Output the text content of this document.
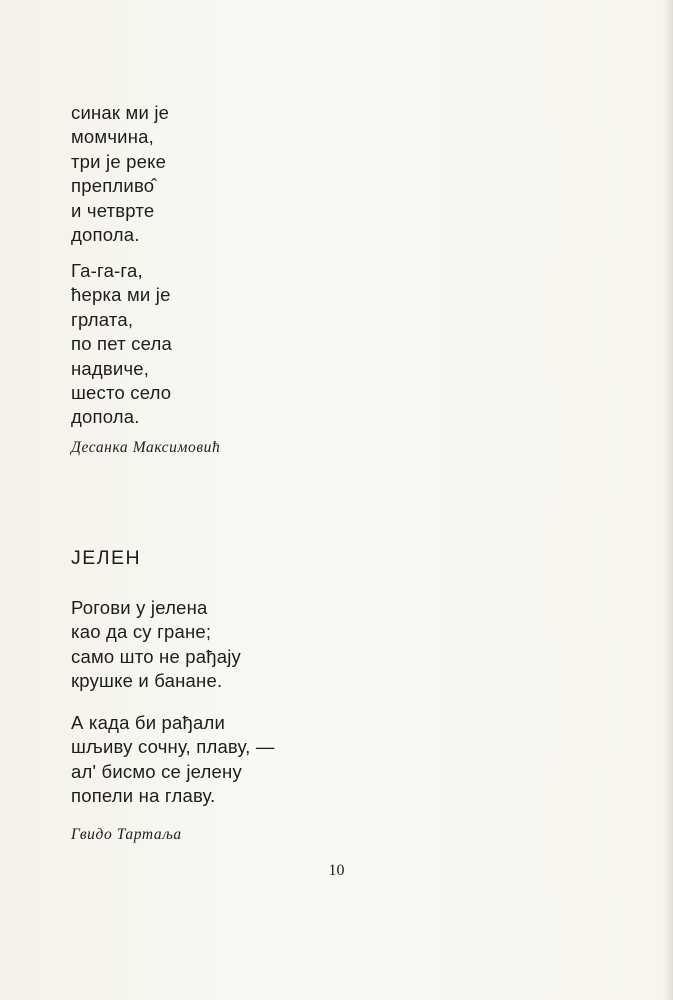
синак ми је
момчина,
три је реке
препливо̂
и четврте
допола.
Га-га-га,
ћерка ми је
грлата,
по пет села
надвиче,
шесто село
допола.

Десанка Максимовић

ЈЕЛЕН
Рогови у јелена
као да су гране;
само што не рађају
крушке и банане.
А када би рађали
шљиву сочну, плаву, —
ал' бисмо се јелену
попели на главу.

Гвидо Тартаља

10
